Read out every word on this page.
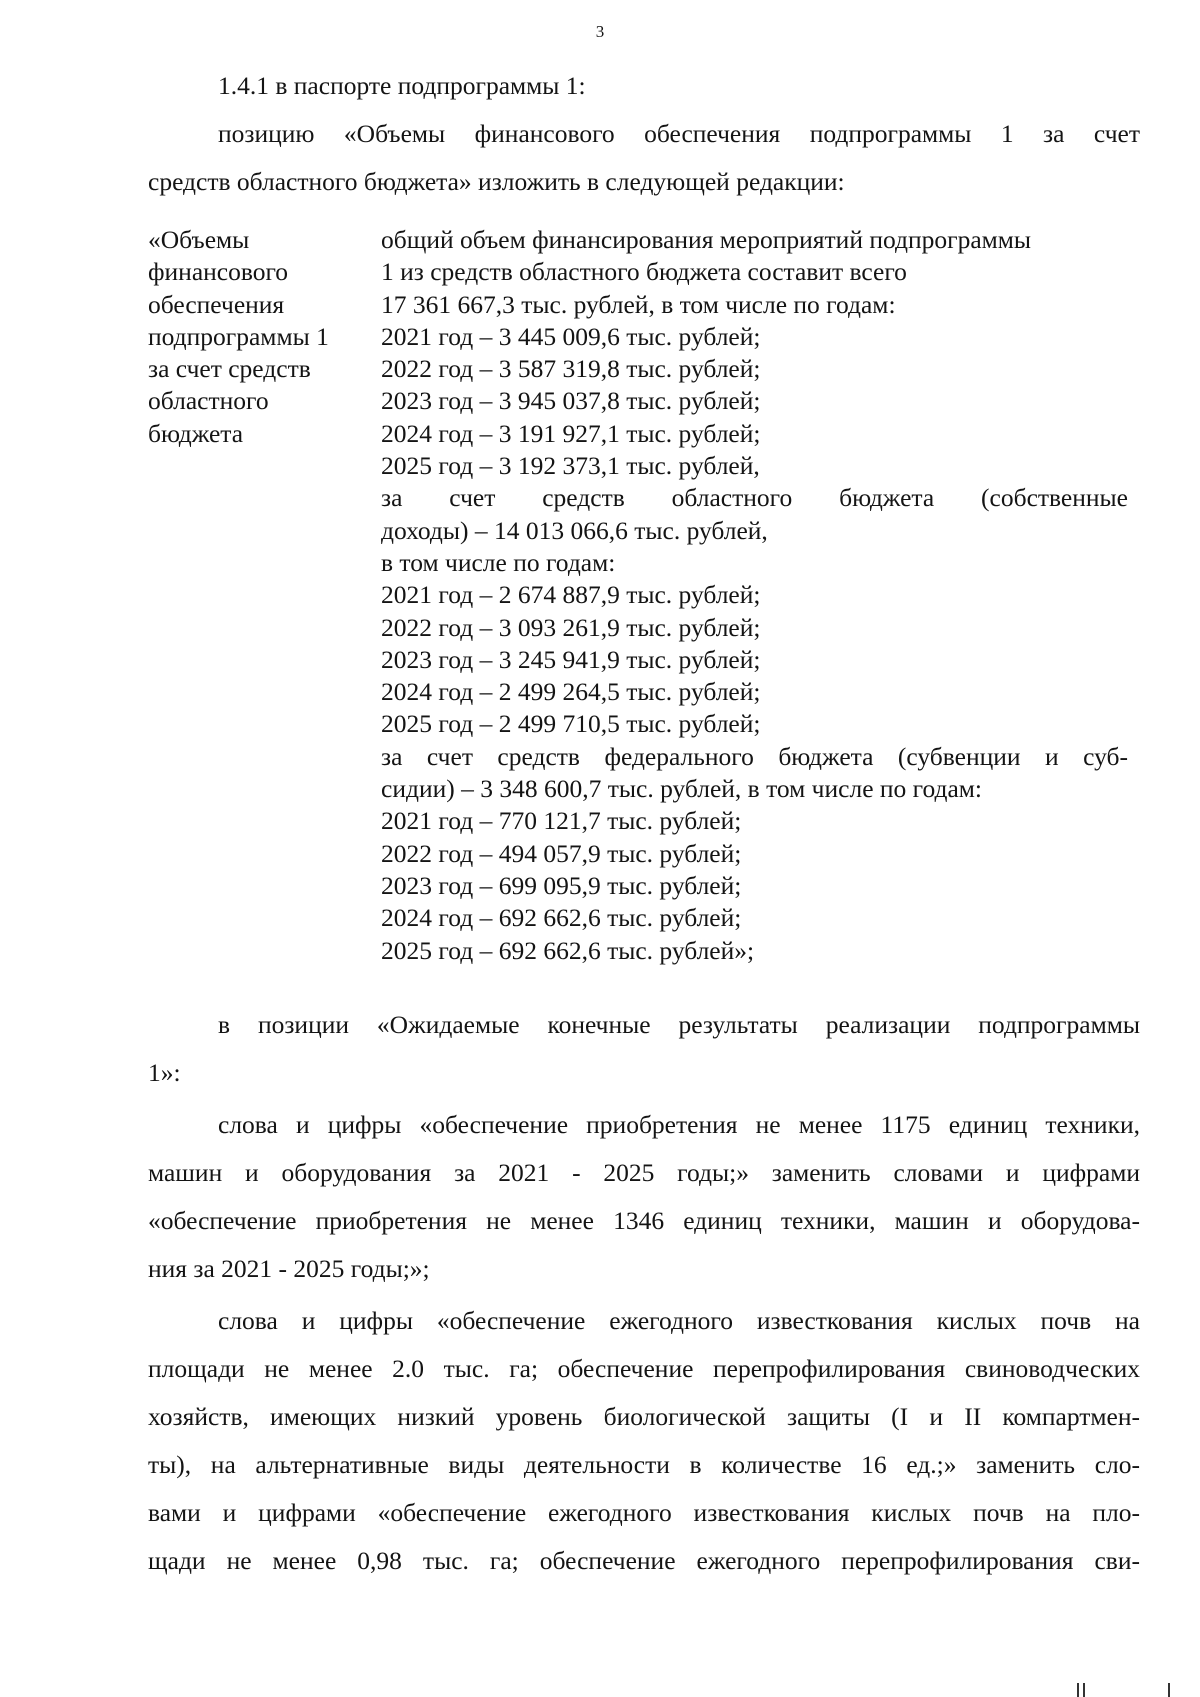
3
1.4.1 в паспорте подпрограммы 1:
позицию «Объемы финансового обеспечения подпрограммы 1 за счет
средств областного бюджета» изложить в следующей редакции:
«Объемы
финансового
обеспечения
подпрограммы 1
за счет средств
областного
бюджета
общий объем финансирования мероприятий подпрограммы
1 из средств областного бюджета составит всего
17 361 667,3 тыс. рублей, в том числе по годам:
2021 год – 3 445 009,6 тыс. рублей;
2022 год – 3 587 319,8 тыс. рублей;
2023 год – 3 945 037,8 тыс. рублей;
2024 год – 3 191 927,1 тыс. рублей;
2025 год – 3 192 373,1 тыс. рублей,
за счет средств областного бюджета (собственные
доходы) – 14 013 066,6 тыс. рублей,
в том числе по годам:
2021 год – 2 674 887,9 тыс. рублей;
2022 год – 3 093 261,9 тыс. рублей;
2023 год – 3 245 941,9 тыс. рублей;
2024 год – 2 499 264,5 тыс. рублей;
2025 год – 2 499 710,5 тыс. рублей;
за счет средств федерального бюджета (субвенции и суб-
сидии) – 3 348 600,7 тыс. рублей, в том числе по годам:
2021 год – 770 121,7 тыс. рублей;
2022 год – 494 057,9 тыс. рублей;
2023 год – 699 095,9 тыс. рублей;
2024 год – 692 662,6 тыс. рублей;
2025 год – 692 662,6 тыс. рублей»;
в позиции «Ожидаемые конечные результаты реализации подпрограммы
1»:
слова и цифры «обеспечение приобретения не менее 1175 единиц техники,
машин и оборудования за 2021 - 2025 годы;» заменить словами и цифрами
«обеспечение приобретения не менее 1346 единиц техники, машин и оборудова-
ния за 2021 - 2025 годы;»;
слова и цифры «обеспечение ежегодного известкования кислых почв на
площади не менее 2.0 тыс. га; обеспечение перепрофилирования свиноводческих
хозяйств, имеющих низкий уровень биологической защиты (I и II компартмен-
ты), на альтернативные виды деятельности в количестве 16 ед.;» заменить сло-
вами и цифрами «обеспечение ежегодного известкования кислых почв на пло-
щади не менее 0,98 тыс. га; обеспечение ежегодного перепрофилирования сви-
